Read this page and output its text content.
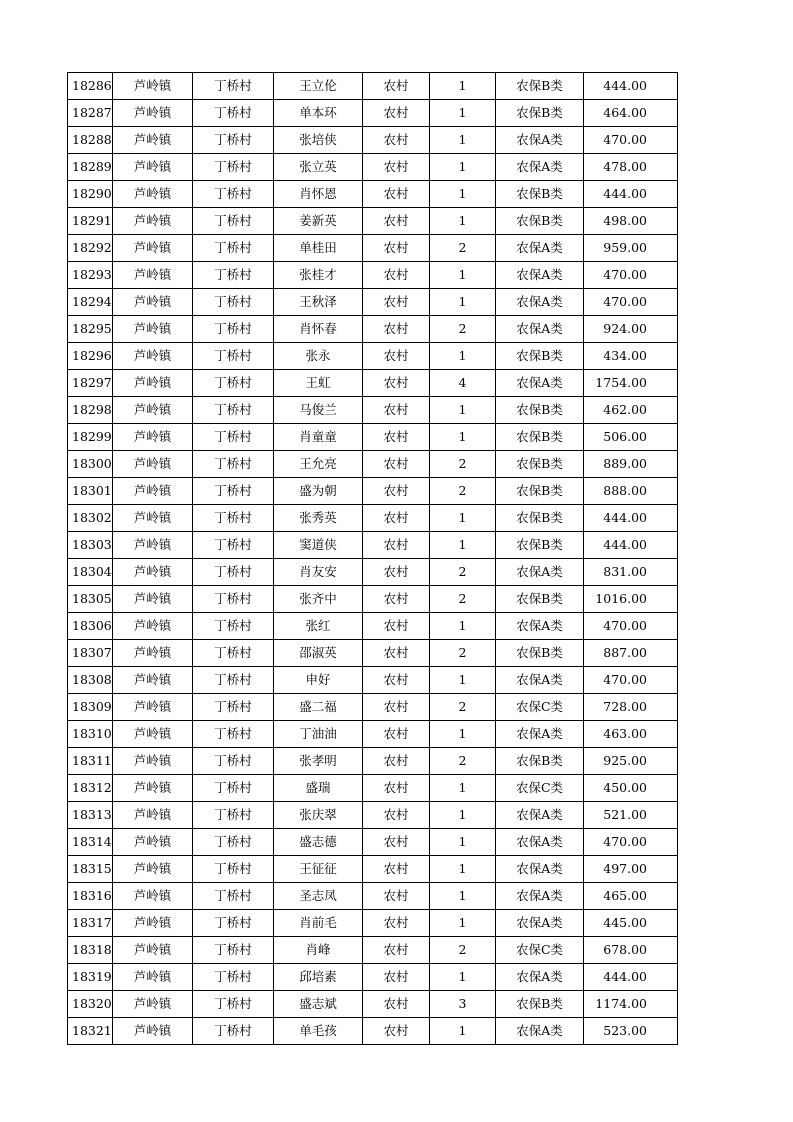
18286	芦岭镇	丁桥村	王立伦	农村	1	农保B类	444.00
18287	芦岭镇	丁桥村	单本环	农村	1	农保B类	464.00
18288	芦岭镇	丁桥村	张培侠	农村	1	农保A类	470.00
18289	芦岭镇	丁桥村	张立英	农村	1	农保A类	478.00
18290	芦岭镇	丁桥村	肖怀恩	农村	1	农保B类	444.00
18291	芦岭镇	丁桥村	姜新英	农村	1	农保B类	498.00
18292	芦岭镇	丁桥村	单桂田	农村	2	农保A类	959.00
18293	芦岭镇	丁桥村	张桂才	农村	1	农保A类	470.00
18294	芦岭镇	丁桥村	王秋泽	农村	1	农保A类	470.00
18295	芦岭镇	丁桥村	肖怀春	农村	2	农保A类	924.00
18296	芦岭镇	丁桥村	张永	农村	1	农保B类	434.00
18297	芦岭镇	丁桥村	王虹	农村	4	农保A类	1754.00
18298	芦岭镇	丁桥村	马俊兰	农村	1	农保B类	462.00
18299	芦岭镇	丁桥村	肖童童	农村	1	农保B类	506.00
18300	芦岭镇	丁桥村	王允亮	农村	2	农保B类	889.00
18301	芦岭镇	丁桥村	盛为朝	农村	2	农保B类	888.00
18302	芦岭镇	丁桥村	张秀英	农村	1	农保B类	444.00
18303	芦岭镇	丁桥村	窦道侠	农村	1	农保B类	444.00
18304	芦岭镇	丁桥村	肖友安	农村	2	农保A类	831.00
18305	芦岭镇	丁桥村	张齐中	农村	2	农保B类	1016.00
18306	芦岭镇	丁桥村	张红	农村	1	农保A类	470.00
18307	芦岭镇	丁桥村	邵淑英	农村	2	农保B类	887.00
18308	芦岭镇	丁桥村	申好	农村	1	农保A类	470.00
18309	芦岭镇	丁桥村	盛二福	农村	2	农保C类	728.00
18310	芦岭镇	丁桥村	丁油油	农村	1	农保A类	463.00
18311	芦岭镇	丁桥村	张孝明	农村	2	农保B类	925.00
18312	芦岭镇	丁桥村	盛瑞	农村	1	农保C类	450.00
18313	芦岭镇	丁桥村	张庆翠	农村	1	农保A类	521.00
18314	芦岭镇	丁桥村	盛志德	农村	1	农保A类	470.00
18315	芦岭镇	丁桥村	王征征	农村	1	农保A类	497.00
18316	芦岭镇	丁桥村	圣志凤	农村	1	农保A类	465.00
18317	芦岭镇	丁桥村	肖前毛	农村	1	农保A类	445.00
18318	芦岭镇	丁桥村	肖峰	农村	2	农保C类	678.00
18319	芦岭镇	丁桥村	邱培素	农村	1	农保A类	444.00
18320	芦岭镇	丁桥村	盛志斌	农村	3	农保B类	1174.00
18321	芦岭镇	丁桥村	单毛孩	农村	1	农保A类	523.00
